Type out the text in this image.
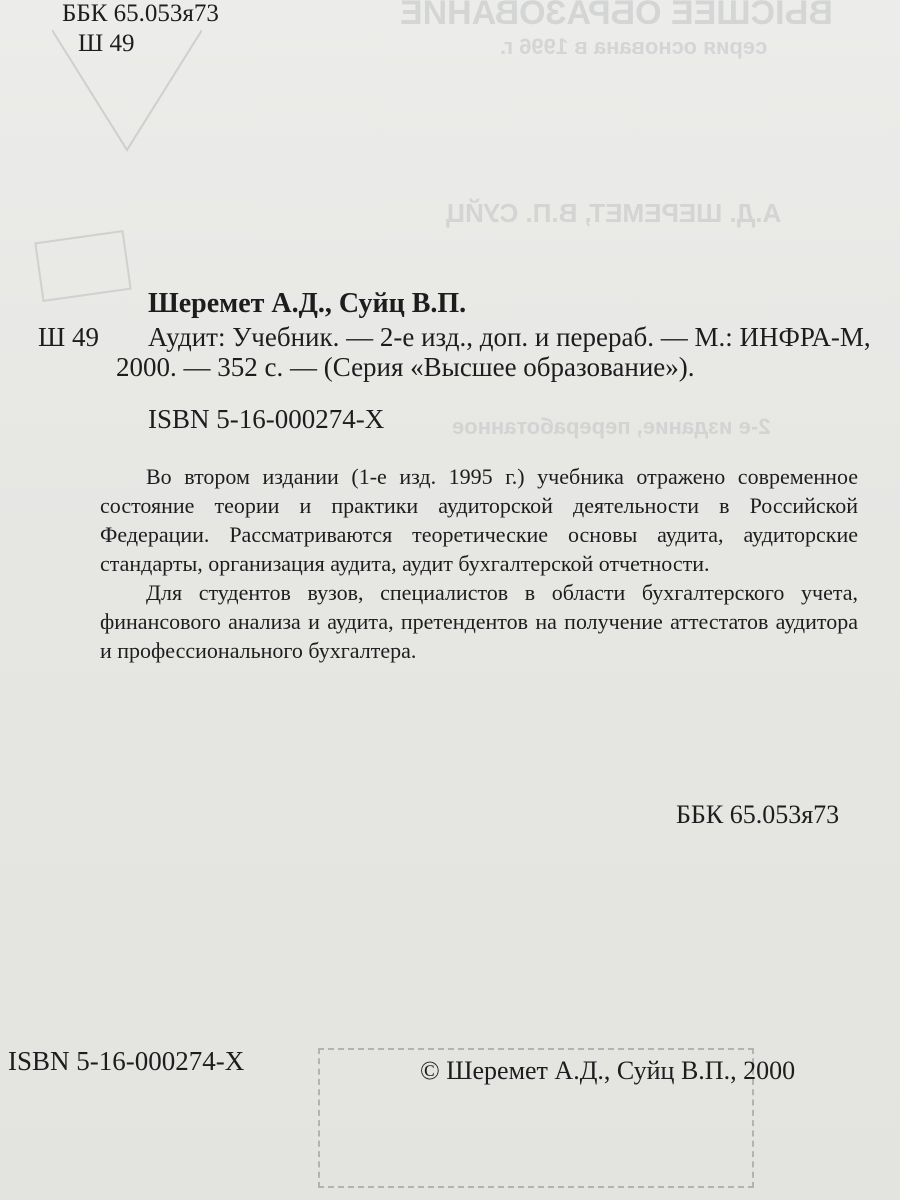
ВЫСШЕЕ ОБРАЗОВАНИЕ
серия основана в 1996 г.
А.Д. ШЕРЕМЕТ, В.П. СУЙЦ
2-е издание, переработанное
ББК 65.053я73
Ш 49
Ш 49
Шеремет А.Д., Суйц В.П.
Аудит: Учебник. — 2-е изд., доп. и перераб. — М.: ИНФРА-М,
2000. — 352 с. — (Серия «Высшее образование»).
ISBN 5-16-000274-X

Во втором издании (1-е изд. 1995 г.) учебника отражено современное состояние теории и практики аудиторской деятельности в Российской Федерации. Рассматриваются теоретические основы аудита, аудиторские стандарты, организация аудита, аудит бухгалтерской отчетности.

Для студентов вузов, специалистов в области бухгалтерского учета, финансового анализа и аудита, претендентов на получение аттестатов аудитора и профессионального бухгалтера.

ББК 65.053я73
ISBN 5-16-000274-X	© Шеремет А.Д., Суйц В.П., 2000
